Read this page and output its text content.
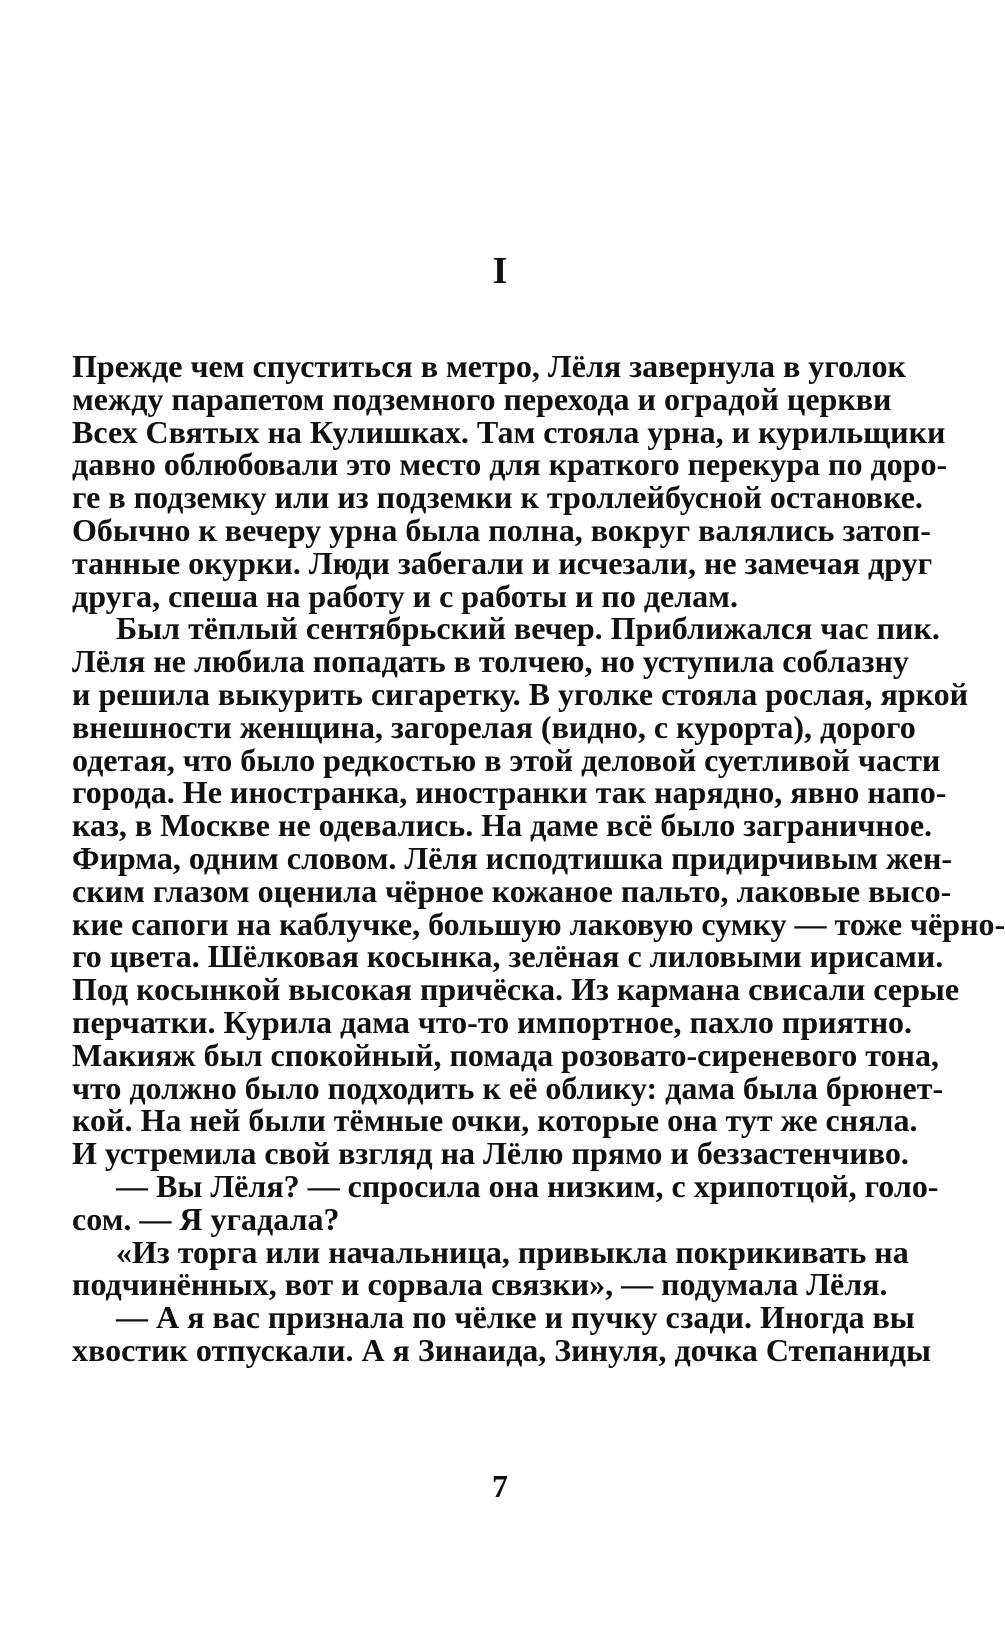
I
Прежде чем спуститься в метро, Лёля завернула в уголок
между парапетом подземного перехода и оградой церкви
Всех Святых на Кулишках. Там стояла урна, и курильщики
давно облюбовали это место для краткого перекура по доро-
ге в подземку или из подземки к троллейбусной остановке.
Обычно к вечеру урна была полна, вокруг валялись затоп-
танные окурки. Люди забегали и исчезали, не замечая друг
друга, спеша на работу и с работы и по делам.
Был тёплый сентябрьский вечер. Приближался час пик.
Лёля не любила попадать в толчею, но уступила соблазну
и решила выкурить сигаретку. В уголке стояла рослая, яркой
внешности женщина, загорелая (видно, с курорта), дорого
одетая, что было редкостью в этой деловой суетливой части
города. Не иностранка, иностранки так нарядно, явно напо-
каз, в Москве не одевались. На даме всё было заграничное.
Фирма, одним словом. Лёля исподтишка придирчивым жен-
ским глазом оценила чёрное кожаное пальто, лаковые высо-
кие сапоги на каблучке, большую лаковую сумку — тоже чёрно-
го цвета. Шёлковая косынка, зелёная с лиловыми ирисами.
Под косынкой высокая причёска. Из кармана свисали серые
перчатки. Курила дама что-то импортное, пахло приятно.
Макияж был спокойный, помада розовато-сиреневого тона,
что должно было подходить к её облику: дама была брюнет-
кой. На ней были тёмные очки, которые она тут же сняла.
И устремила свой взгляд на Лёлю прямо и беззастенчиво.
— Вы Лёля? — спросила она низким, с хрипотцой, голо-
сом. — Я угадала?
«Из торга или начальница, привыкла покрикивать на
подчинённых, вот и сорвала связки», — подумала Лёля.
— А я вас признала по чёлке и пучку сзади. Иногда вы
хвостик отпускали. А я Зинаида, Зинуля, дочка Степаниды
7
